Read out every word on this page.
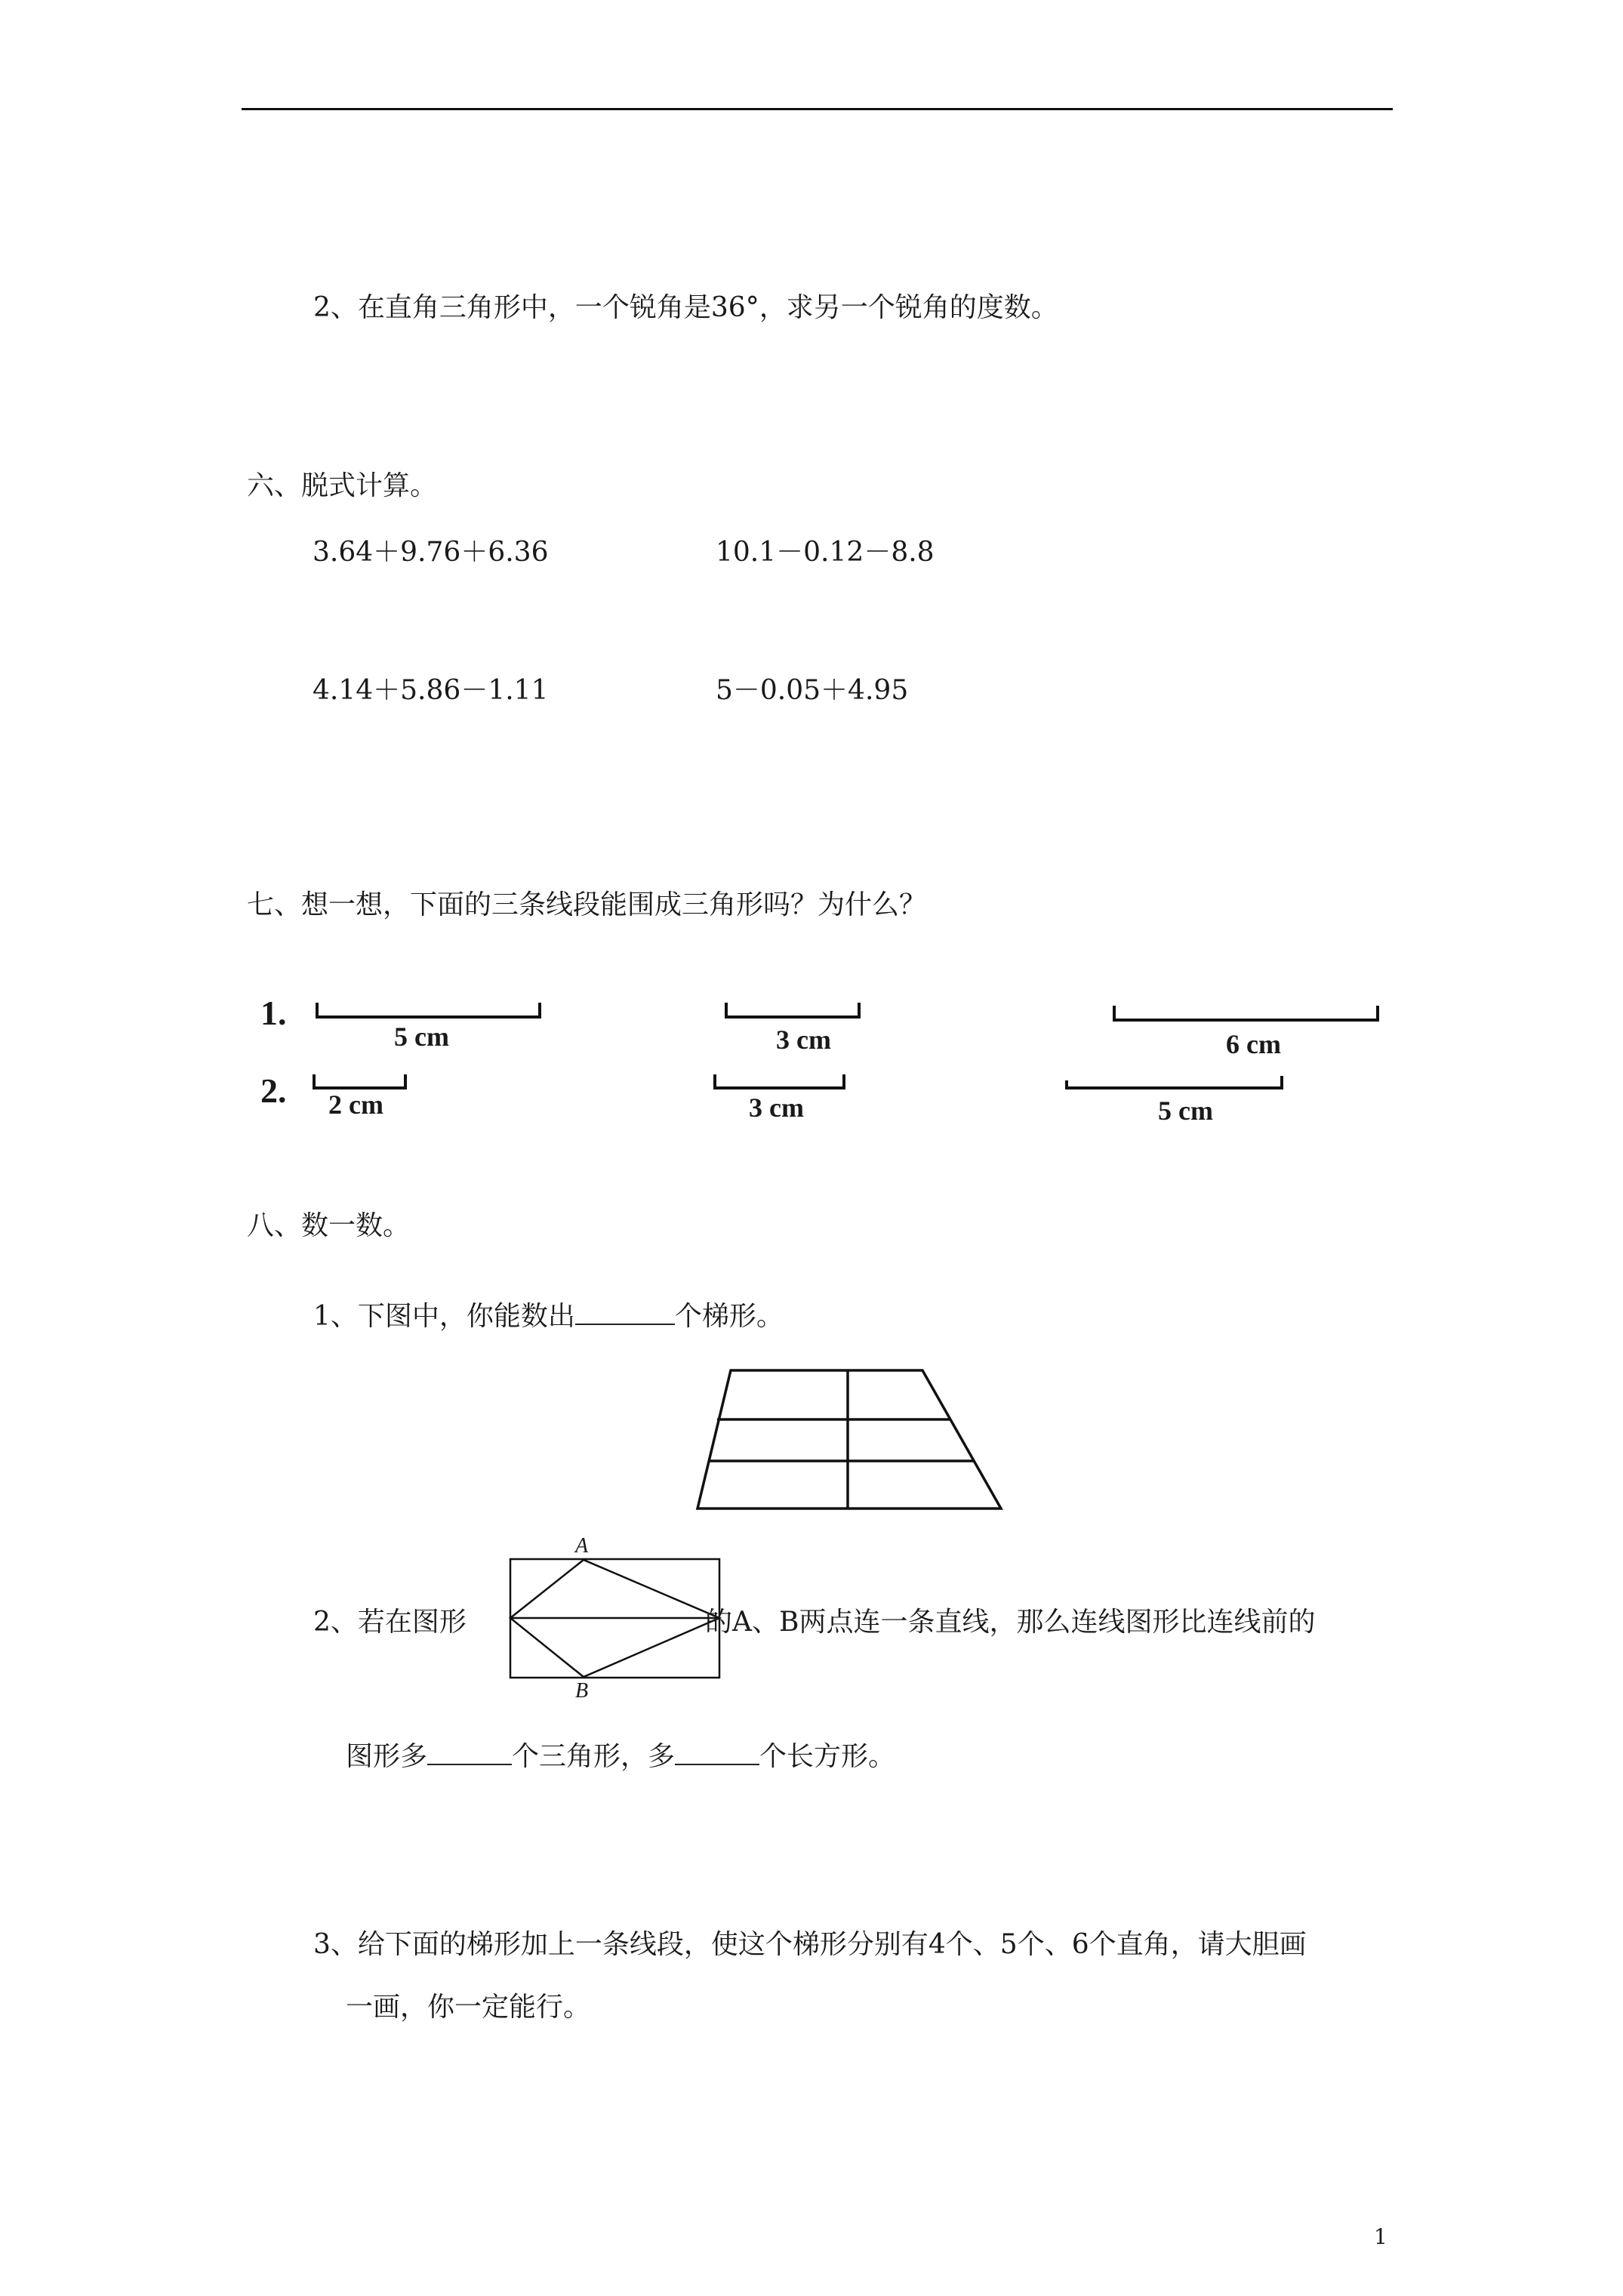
2、在直角三角形中，一个锐角是36°，求另一个锐角的度数。
六、脱式计算。
3.64＋9.76＋6.36	10.1－0.12－8.8
4.14＋5.86－1.11	5－0.05＋4.95
七、想一想，下面的三条线段能围成三角形吗？为什么？
1.
5 cm	3 cm	6 cm
2. 2 cm	3 cm	5 cm
八、数一数。
1、下图中，你能数出	个梯形。
2、若在图形
A
B
的A、B两点连一条直线，那么连线图形比连线前的
图形多	个三角形，多	个长方形。
3、给下面的梯形加上一条线段，使这个梯形分别有4个、5个、6个直角，请大胆画
一画，你一定能行。
1
